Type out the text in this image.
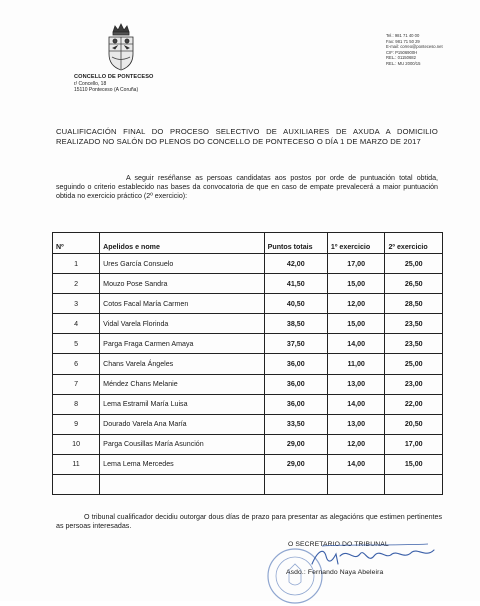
CONCELLO DE PONTECESO
r/ Concello, 18
15110 Ponteceso (A Coruña)
Tel.: 981 71 40 00
Fax: 981 71 50 29
E-mail: correo@ponteceso.net
CIF: P1506900H
REL.: 01150682
REL.: MU 2000/15
CUALIFICACIÓN FINAL DO PROCESO SELECTIVO DE AUXILIARES DE AXUDA A DOMICILIO REALIZADO NO SALÓN DO PLENOS DO CONCELLO DE PONTECESO O DÍA 1 DE MARZO DE 2017
A seguir reséñanse as persoas candidatas aos postos por orde de puntuación total obtida, seguindo o criterio establecido nas bases da convocatoria de que en caso de empate prevalecerá a maior puntuación obtida no exercicio práctico (2º exercicio):
Nº	Apelidos e nome	Puntos totais	1º exercicio	2º exercicio
1	Ures García Consuelo	42,00	17,00	25,00
2	Mouzo Pose Sandra	41,50	15,00	26,50
3	Cotos Facal María Carmen	40,50	12,00	28,50
4	Vidal Varela Florinda	38,50	15,00	23,50
5	Parga Fraga Carmen Amaya	37,50	14,00	23,50
6	Chans Varela Ángeles	36,00	11,00	25,00
7	Méndez Chans Melanie	36,00	13,00	23,00
8	Lema Estramil María Luisa	36,00	14,00	22,00
9	Dourado Varela Ana María	33,50	13,00	20,50
10	Parga Cousillas María Asunción	29,00	12,00	17,00
11	Lema Lema Mercedes	29,00	14,00	15,00

O tribunal cualificador decidiu outorgar dous días de prazo para presentar as alegacións que estimen pertinentes as persoas interesadas.
O SECRETARIO DO TRIBUNAL
Asdo.: Fernando Naya Abeleira
